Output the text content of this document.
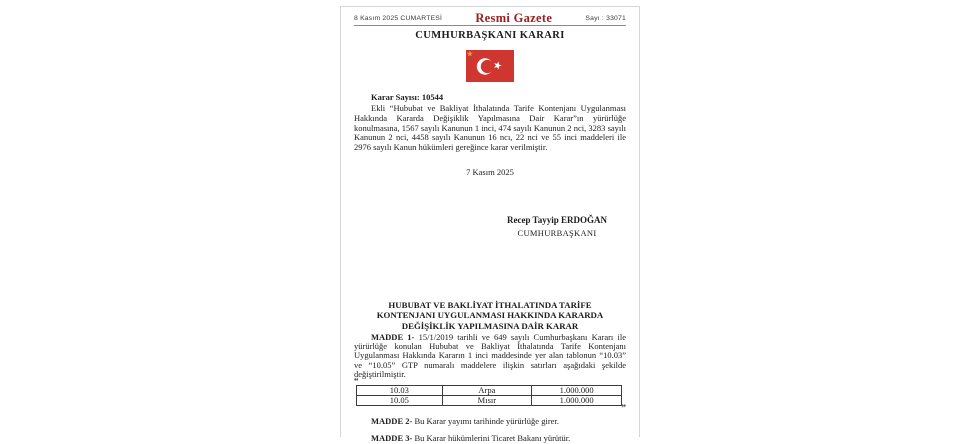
8 Kasım 2025 CUMARTESİ	Resmi Gazete	Sayı : 33071
CUMHURBAŞKANI KARARI
Karar Sayısı: 10544

Ekli “Hububat ve Bakliyat İthalatında Tarife Kontenjanı Uygulanması Hakkında Kararda Değişiklik Yapılmasına Dair Karar”ın yürürlüğe konulmasına, 1567 sayılı Kanunun 1 inci, 474 sayılı Kanunun 2 nci, 3283 sayılı Kanunun 2 nci, 4458 sayılı Kanunun 16 ncı, 22 nci ve 55 inci maddeleri ile 2976 sayılı Kanun hükümleri gereğince karar verilmiştir.

7 Kasım 2025
Recep Tayyip ERDOĞAN
CUMHURBAŞKANI
HUBUBAT VE BAKLİYAT İTHALATINDA TARİFE KONTENJANI UYGULANMASI HAKKINDA KARARDA DEĞİŞİKLİK YAPILMASINA DAİR KARAR

MADDE 1- 15/1/2019 tarihli ve 649 sayılı Cumhurbaşkanı Kararı ile yürürlüğe konulan Hububat ve Bakliyat İthalatında Tarife Kontenjanı Uygulanması Hakkında Kararın 1 inci maddesinde yer alan tablonun “10.03” ve “10.05” GTP numaralı maddelere ilişkin satırları aşağıdaki şekilde değiştirilmiştir.

“
10.03	Arpa	1.000.000
10.05	Mısır	1.000.000
”

MADDE 2- Bu Karar yayımı tarihinde yürürlüğe girer.

MADDE 3- Bu Karar hükümlerini Ticaret Bakanı yürütür.
